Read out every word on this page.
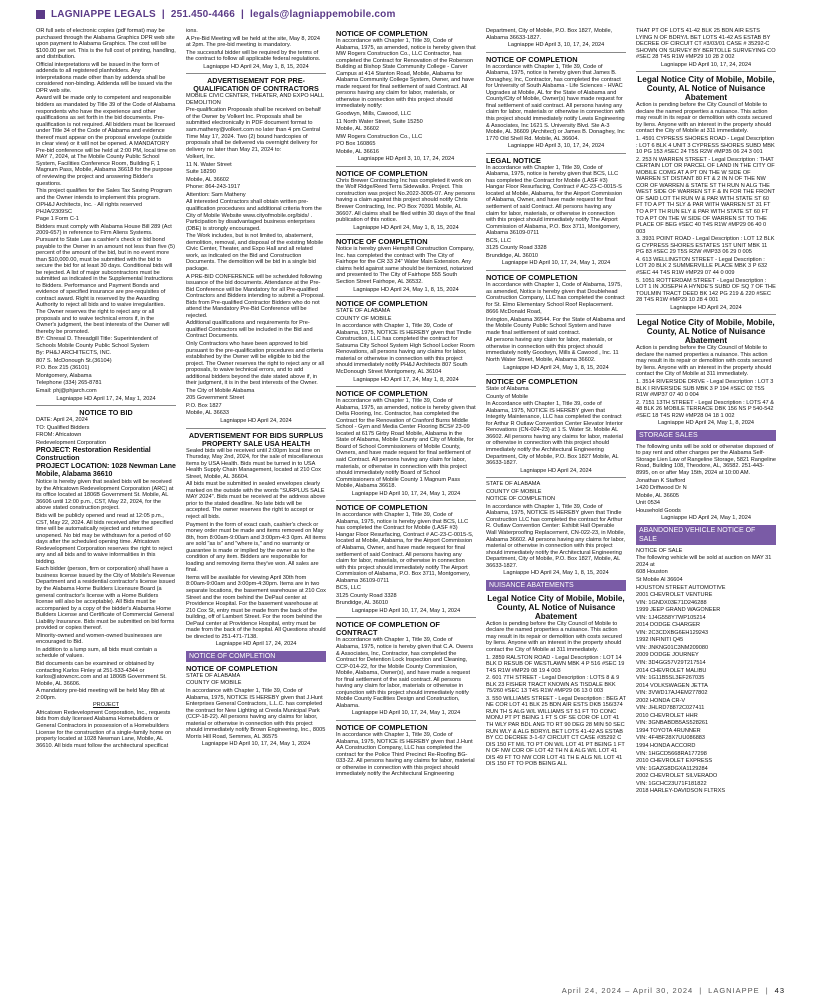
LAGNIAPPE LEGALS | 251.450-4466 | legals@lagniappemobile.com

OR full sets of electronic copies (pdf format) may be purchased through the Alabama Graphics DPR web site upon payment to Alabama Graphics. The cost will be $100.00 per set. This is the full cost of printing, handling, and distribution.

Official interpretations will be issued in the form of addenda to all registered planholders. Any interpretations made other than by addenda shall be considered non-binding. Addenda will be issued via the DPR web site.

Award will be made only to competent and responsible bidders as mandated by Title 39 of the Code of Alabama respondents who have the experience and other qualifications as set forth in the bid documents. Pre-qualification is not required. All bidders must be licensed under Title 34 of the Code of Alabama and evidence thereof must appear on the proposal envelope (outside in clear view) or it will not be opened. A MANDATORY Pre-bid conference will be held at 2:00 PM, local time on MAY 7, 2024, at The Mobile County Public School System, Facilities Conference Room, Building F, 1 Magnum Pass, Mobile, Alabama 36618 for the purpose of reviewing the project and answering Bidder's questions.

This project qualifies for the Sales Tax Saving Program and the Owner intends to implement this program.

OPH&J Architects, Inc. · All rights reserved PHJA/2309SC

Page 1 Form C-1

Bidders must comply with Alabama House Bill 289 (Act 2009-657) in reference to Firm Aliens Systems. Pursuant to State Law a cashier's check or bid bond payable to the Owner in an amount not less than five (5) percent of the amount of the bid, but in no event more than $10,000.00, must be submitted with the bid to secure the bid for at least 30 days. Conditional bids will be rejected. A list of major subcontractors must be submitted as indicated in the Supplemental Instructions to Bidders. Performance and Payment Bonds and evidence of specified insurance are pre-requisites of contract award. Right is reserved by the Awarding Authority to reject all bids and to waive irregularities. The Owner reserves the right to reject any or all proposals and to waive technical errors if, in the Owner's judgment, the best interests of the Owner will thereby be promoted.

BY: Chresal D. Threadgill Title: Superintendent of Schools Mobile County Public School System

By: PH&J ARCHITECTS, INC.

807 S. McDonough St.(36104)

P.O. Box 215 (36101)

Montgomery, Alabama

Telephone (334) 265-8781

Email: phj@phjarch.com

Lagniappe HD April 17, 24, May 1, 2024

NOTICE TO BID

DATE: April 24, 2024

TO: Qualified Bidders

FROM: Africatown

Redevelopment Corporation

PROJECT: Restoration Residential Construction
PROJECT LOCATION: 1028 Newman Lane Mobile, Alabama 36610

Notice is hereby given that sealed bids will be received by the Africatown Redevelopment Corporation (ARC) at its office located at 1806B Government St. Mobile, AL 36606 until 12:00 p.m., CST, May 22, 2024, for the above stated construction project.

Bids will be publicly opened and read at 12:05 p.m., CST, May 22, 2024. All bids received after the specified time will be automatically rejected and returned unopened. No bid may be withdrawn for a period of 60 days after the scheduled opening time. Africatown Redevelopment Corporation reserves the right to reject any and all bids and to waive informalities in this bidding.

Each bidder (person, firm or corporation) shall have a business license issued by the City of Mobile's Revenue Department and a residential contractor's license issued by the Alabama Home Builders Licensure Board (a general contractor's license with a Home Builders license will also be acceptable). All Bids must be accompanied by a copy of the bidder's Alabama Home Builders License and Certificate of Commercial General Liability Insurance. Bids must be submitted on bid forms provided or copies thereof.

Minority-owned and women-owned businesses are encouraged to Bid.

In addition to a lump sum, all bids must contain a schedule of values.

Bid documents can be examined or obtained by contacting Karlos Finley at 251-533-4344 or karlos@atowncrc.com and at 1806B Government St. Mobile, AL 36606.

A mandatory pre-bid meeting will be held May 8th at 2:00pm.

PROJECT

Africatown Redevelopment Corporation, Inc., requests bids from duly licensed Alabama Homebuilders or General Contractors in possession of a Homebuilders License for the construction of a single-family home on property located at 1028 Newman Lane, Mobile, AL 36610. All bids must follow the architectural specificat

ions.

A Pre-Bid Meeting will be held at the site, May 8, 2024 at 2pm. The pre-bid meeting is mandatory.

The successful bidder will be required by the terms of the contract to follow all applicable federal regulations.

Lagniappe HD April 24, May 1, 8, 15, 2024

ADVERTISEMENT FOR PRE-QUALIFICATION OF CONTRACTORS

MOBILE CIVIC CENTER, THEATER, AND EXPO HALL DEMOLITION

Pre-qualification Proposals shall be received on behalf of the Owner by Volkert Inc. Proposals shall be submitted electronically in PDF document format to sam.matheny@volkert.com no later than 4 pm Central Time May 17, 2024. Two (2) bound hardcopies of proposals shall be delivered via overnight delivery for delivery no later than May 21, 2024 to:

Volkert, Inc.

11 N. Water Street

Suite 18290

Mobile, AL 36602

Phone: 864-243-1917

Attention: Sam Matheny

All interested Contractors shall obtain written pre-qualification procedures and additional criteria from the City of Mobile Website www.cityofmobile.org/bids/ . Participation by disadvantaged business enterprises (DBE) is strongly encouraged.

The Work includes, but is not limited to, abatement, demolition, removal, and disposal of the existing Mobile Civic Center, Theater, and Expo Hall and all related work, as indicated on the Bid and Construction Documents. The demolition will be bid in a single bid package.

A PRE-BID CONFERENCE will be scheduled following issuance of the bid documents. Attendance at the Pre-Bid Conference will be Mandatory for all Pre-qualified Contractors and Bidders intending to submit a Proposal. Bids from Pre-qualified Contractor Bidders who do not attend the Mandatory Pre-Bid Conference will be rejected.

Additional qualifications and requirements for Pre-qualified Contractors will be included in the Bid and Contract Documents.

Only Contractors who have been approved to bid pursuant to the pre-qualification procedures and criteria established by the Owner will be eligible to bid the project. The Owner reserves the right to reject any or all proposals, to waive technical errors, and to add additional bidders beyond the date stated above if, in their judgment, it is in the best interests of the Owner.

The City of Mobile Alabama

205 Government Street

P.O. Box 1827

Mobile, AL 36633

Lagniappe HD April 24, 2024

ADVERTISEMENT FOR BIDS SURPLUS PROPERTY SALE USA HEALTH

Sealed bids will be received until 2:00pm local time on Thursday, May 2nd, 2024, for the sale of miscellaneous items by USA Health. Bids must be turned in to USA Health Supply Chain Management, located at 210 Cox Street, Mobile, AL 36604.

All bids must be submitted in sealed envelopes clearly marked on the outside with the words "SURPLUS SALE MAY 2024". Bids must be received at the address above prior to the stated deadline. No late bids will be accepted. The owner reserves the right to accept or reject all bids.

Payment in the form of exact cash, cashier's check or money order must be made and items removed on May 8th, from 8:00am-9:00am and 3:00pm-4:3 0pm. All items are sold "as is" and "where is," and no warranty or guarantee is made or implied by the owner as to the condition of any item. Bidders are responsible for loading and removing items they've won. All sales are final.

Items will be available for viewing April 30th from 8:00am-9:00am and 3:00pm-4:30pm. Items are in two separate locations, the basement warehouse at 210 Cox Street and the room behind the DePaul center at Providence Hospital. For the basement warehouse at 210 Cox St, entry must be made from the back of the building, off of Lambert Street. For the room behind the DePaul center at Providence Hospital, entry must be made from the back of the hospital. All Questions should be directed to 251-471-7138.

Lagniappe HD April 17, 24, 2024

NOTICE OF COMPLETION
NOTICE OF COMPLETION

STATE OF ALABAMA

COUNTY OF MOBILE

In accordance with Chapter 1, Title 39, Code of Alabama, 1975, NOTICE IS HEREBY given that J.Hunt Enterprises General Contractors, L.L.C. has completed the contract for New Lighting at Creola Municipal Park (CCP-18-22). All persons having any claims for labor, material or otherwise in connection with this project should immediately notify Brown Engineering, Inc., 8005 Morris Hill Road, Semmes, AL 36575

Lagniappe HD April 10, 17, 24, May 1, 2024

NOTICE OF COMPLETION

In accordance with Chapter 1, Title 39, Code of Alabama, 1975, as amended, notice is hereby given that MW Rogers Construction Co., LLC Contractor, has completed the Contract for Renovation of the Roberson Building at Bishop State Community College - Carver Campus at 414 Stanton Road, Mobile, Alabama for Alabama Community College System, Owner, and have made request for final settlement of said Contract. All persons having any claim for labor, materials, or otherwise in connection with this project should immediately notify:

Goodwyn, Mills, Cawood, LLC

11 North Water Street, Suite 15250

Mobile, AL 36602

MW Rogers Construction Co., LLC

PO Box 160865

Mobile, AL 36616

Lagniappe HD April 3, 10, 17, 24, 2024

NOTICE OF COMPLETION

Chris Brewer Contracting Inc has completed it work on the Wolf Ridge/Reed Terra Sidewalks. Project. This construction was project No.2022-3005-07. Any persons having a claim against this project should notify Chris Brewer Contracting, Inc. PO Box 70391 Mobile, AL 36607. All claims shall be filed within 30 days of the final publication of this notice.

Lagniappe HD April 24, May 1, 8, 15, 2024

NOTICE OF COMPLETION

Notice is hereby given Hemphill Construction Company, Inc. has completed the contract with The City of Fairhope for the CR 33 24" Water Main Extension. Any claims held against same should be itemized, notarized and presented to The City of Fairhope 555 South Section Street Fairhope, AL 36532.

Lagniappe HD April 24, May 1, 8, 15, 2024

NOTICE OF COMPLETION

STATE OF ALABAMA

COUNTY OF MOBILE

In accordance with Chapter 1, Title 39, Code of Alabama, 1975, NOTICE IS HEREBY given that Tindle Construction, LLC has completed the contract for Satsuma City School System High School Locker Room Renovations, all persons having any claims for labor, material or otherwise in connection with this project should immediately notify PH&J Architects 807 South McDonough Street Montgomery, AL 36104

Lagniappe HD April 17, 24, May 1, 8, 2024

NOTICE OF COMPLETION

In accordance with Chapter 1, Title 39, Code of Alabama, 1975, as amended, notice is hereby given that Delta Flooring, Inc. Contractor, has completed the Contract for the Renovation of Cranford Burns Middle School - Gym and Media Center Flooring BCS# 23-09 located at 6175 Girby Road Mobile, Alabama in the State of Alabama, Mobile County and City of Mobile, for Board of School Commissioners of Mobile County, Owners, and have made request for final settlement of said Contract. All persons having any claim for labor, materials, or otherwise in connection with this project should immediately notify Board of School Commissioners of Mobile County 1 Magnum Pass Mobile, Alabama 36618.

Lagniappe HD April 10, 17, 24, May 1, 2024

NOTICE OF COMPLETION

In accordance with Chapter 1, Title 39, Code of Alabama, 1975, notice is hereby given that BCS, LLC has completed the Contract for Mobile (LASF #3) Hangar Floor Resurfacing, Contract # AC-23-C-0015-S, located at Mobile, Alabama, for the Airport Commission of Alabama, Owner, and have made request for final settlement of said Contract. All persons having any claim for labor, materials, or otherwise in connection with this project should immediately notify The Airport Commission of Alabama, P.O. Box 3711, Montgomery, Alabama 36109-0711

BCS, LLC

3125 County Road 3328

Brundidge, AL 36010

Lagniappe HD April 10, 17, 24, May 1, 2024

NOTICE OF COMPLETION OF CONTRACT

In accordance with Chapter 1, Title 39, Code of Alabama, 1975, notice is hereby given that C.A. Owens & Associates, Inc, Contractor, has completed the Contract for Detention Lock Inspection and Cleaning, CCP-014-22, for the Mobile County Commission, Mobile, Alabama, Owner(s), and have made a request for final settlement of the said contract. All persons having any claim for labor, materials or otherwise in conjunction with this project should immediately notify Mobile County Facilities Design and Construction, Alabama.

Lagniappe HD April 10, 17, 24, May 1, 2024

NOTICE OF COMPLETION

In accordance with Chapter 1, Title 39, Code of Alabama, 1975, NOTICE IS HEREBY given that J.Hunt AA Construction Company, LLC has completed the contract for the Police Third Precinct Re-Roofing BG-033-22. All persons having any claims for labor, material or otherwise in connection with this project should immediately notify the Architectural Engineering

Department, City of Mobile, P.O. Box 1827, Mobile, Alabama 36633-1827.

Lagniappe HD April 3, 10, 17, 24, 2024

NOTICE OF COMPLETION

In accordance with Chapter 1, Title 39, Code of Alabama, 1975, notice is hereby given that James B. Donaghey, Inc, Contractor, has completed the contract for University of South Alabama - Life Sciences - HVAC Upgrades at Mobile, AL for the State of Alabama and County/City of Mobile, Owner(s) have made request for final settlement of said contract. All persons having any claim for labor, materials or otherwise in connection with this project should immediately notify Lewis Engineering & Associates, Inc 1621 S. University Blvd. Ste A-3 Mobile, AL 36609 (Architect) or James B. Donaghey, Inc 1770 Old Shell Rd. Mobile, AL 36604.

Lagniappe HD April 3, 10, 17, 24, 2024

LEGAL NOTICE

In accordance with Chapter 1, Title 39, Code of Alabama, 1975, notice is hereby given that BCS, LLC has completed the Contract for Mobile (LASF #3) Hangar Floor Resurfacing, Contract # AC-23-C-0015-S located at Mobile, Alabama, for the Airport Commission of Alabama, Owner, and have made request for final settlement of said Contract. All persons having any claim for labor, materials, or otherwise in connection with this project should immediately notify The Airport Commission of Alabama, P.O. Box 3711, Montgomery, Alabama 36109-0711

BCS, LLC

3125 County Road 3328

Brundidge, AL 36010

Lagniappe HD April 10, 17, 24, May 1, 2024

NOTICE OF COMPLETION

In accordance with Chapter 1, Code of Alabama, 1975, as amended, Notice is hereby given that Doublehead Construction Company, LLC has completed the contract for St. Elmo Elementary School Roof Replacement.

8666 McDonald Road,

Irvington, Alabama 36544. For the State of Alabama and the Mobile County Public School System and have made final settlement of said contract.

All persons having any claim for labor, materials, or otherwise in connection with this project should immediately notify Goodwyn, Mills & Cawood , Inc. 11 North Water Street, Mobile, Alabama 36602.

Lagniappe HD April 24, May 1, 8, 15, 2024

NOTICE OF COMPLETION

State of Alabama

County of Mobile

In Accordance with Chapter 1, Title 39, code of Alabama, 1975, NOTICE IS HEREBY given that Integrity Maintenance, LLC has completed the contract for Arthur R Outlaw Convention Center Elevator Interior Renovations (CN-024-23) at 1 S. Water St. Mobile AL 36602. All persons having any claims for labor, material or otherwise in connection with this project should immediately notify the Architectural Engineering Department, City of Mobile, P.O. Box 1827 Mobile, AL 36633-1827.

Lagniappe HD April 24, 2024

STATE OF ALABAMA

COUNTY OF MOBILE

NOTICE OF COMPLETION

In accordance with Chapter 1, Title 39, Code of Alabama, 1975, NOTICE IS HEREBY given that Tindle Construction LLC has completed the contract for Arthur R. Outlaw Convention Center: Exhibit Hall Operable Wall Waterproofing Replacement, CN-022-23, in Mobile, Alabama 36602. All persons having any claims for labor, material or otherwise in connection with this project should immediately notify the Architectural Engineering Department, City of Mobile, P.O. Box 1827, Mobile, AL 36633-1827.

Lagniappe HD April 24, May 1, 8, 15, 2024

NUISANCE ABATEMENTS
Legal Notice City of Mobile, Mobile, County, AL Notice of Nuisance Abatement

Action is pending before the City Council of Mobile to declare the named properties a nuisance. This action may result in its repair or demolition with costs secured by liens. Anyone with an interest in the property should contact the City of Mobile at 311 immediately.

1. 2859 RALSTON ROAD - Legal Description : LOT 14 BLK D RESUB OF WESTLAWN MBK 4 P 516 #SEC 19 T4S R1W #MP29 08 19 4 003

2. 601 7TH STREET - Legal Description : LOTS 8 & 9 BLK 23 FISHER TRACT KNOWN AS TISDALE BKK 75/260 #SEC 13 T4S R1W #MP29 06 13 0 003

3. 550 WILLIAMS STREET - Legal Description : BEG AT NE COR LOT 41 BLK 25 BDN AIR ESTS DKB 156/374 RUN TH S ALG W/L WILLIAMS ST 51 FT TO CONC MONU PT PT BEING 1 FT S OF SE COR OF LOT 41 TH WLY PAR BDL ANG TO RT 90 DEG 28 MIN 50 SEC RUN WLY & ALG BDRY/L BET LOTS 41-42 AS ESTAB BY CC DECREE 3-1-67 CIRCUIT CT CASE #35292 C DIS 150 FT M/L TO PT ON W/L LOT 41 PT BEING 1 FT N OF NW COR OF LOT 42 TH N & ALG W/L LOT 41 DIS 49 FT TO NW COR LOT 41 TH E ALG N/L LOT 41 DIS 150 FT TO POB BEING ALL

THAT PT OF LOTS 41-42 BLK 25 BDN AIR ESTS LYING N OF BDRY/L BET LOTS 41-42 AS ESTAB BY DECREE OF CIRCUIT CT #3/03/01 CASE # 35292-C SHOWN ON SURVEY BY BERTOLLE SURVEYING CO #SEC 28 T4S R1W #MP29 10 28 2 002

Lagniappe HD April 10, 17, 24, 2024

Legal Notice City of Mobile, Mobile, County, AL Notice of Nuisance Abatement

Action is pending before the City Council of Mobile to declare the named properties a nuisance. This action may result in its repair or demolition with costs secured by liens. Anyone with an interest in the property should contact the City of Mobile at 311 immediately.

1. 4591 CYPRESS SHORES ROAD - Legal Description : LOT 6 BLK 4 UNIT 3 CYPRESS SHORES SUBD MBK 10 PG 153 #SEC 24 T5S R2W #MP35 06 24 3 001

2. 253 N WARREN STREET - Legal Description : THAT CERTAIN LOT OR PARCEL OF LAND IN THE CITY OF MOBILE COMG AT A PT ON THE W SIDE OF WARREN ST DISTANT 80 FT & 2 IN N OF THE NW COR OF WARREN & STATE ST TH RUN N ALG THE WEST SIDE OF WARREN ST F & IN FOR THE FRONT OF SAID LOT TH RUN W & PAR WITH STATE ST 60 FT TO A PT TH SLY & PAR WITH WARREN ST 31 FT TO A PT TH RUN ELY & PAR WITH STATE ST 60 FT TO A PT ON THE W SIDE OF WARREN ST TO THE PLACE OF BEG #SEC 40 T4S R1W #MP29 06 40 0 003

3. 3931 POINT ROAD - Legal Description : LOT 12 BLK G CYPRESS SHORES ESTATES 1ST UNIT MBK 11 PG 83 #SEC 29 T5S R2W #MP33 06 29 0 005

4. 613 WELLINGTON STREET - Legal Description : LOT 20 BLK 2 SUMMERVILLE PLACE MBK 3 P 632 #SEC 44 T4S R1W #MP29 07 44 0 009

5. 1051 ROTTERDAM STREET - Legal Description : LOT 1 IN JOSEPH A HYNDE'S SUBD OF SQ 7 OF THE TOULMIN TRACT DEED BK 142 PG 219 & 220 #SEC 28 T4S R1W #MP29 10 28 4 001

Lagniappe HD April 24, 2024

Legal Notice City of Mobile, Mobile, County, AL Notice of Nuisance Abatement

Action is pending before the City Council of Mobile to declare the named properties a nuisance. This action may result in its repair or demolition with costs secured by liens. Anyone with an interest in the property should contact the City of Mobile at 311 immediately.

1. 3514 RIVERSIDE DRIVE - Legal Description : LOT 3 BLK I RIVERSIDE SUB MBK 3 P 194 #SEC 02 T5S R1W #MP37 07 40 0 004

2. 7151 13TH STREET - Legal Description : LOTS 47 & 48 BLK 26 MOBILE TERRACE DBK 156 NS P 540-542 #SEC 18 T4S R2W #MP28 04 18 1 002

Lagniappe HD April 24, May 1, 8, 2024

STORAGE SALES

The following units will be sold or otherwise disposed of to pay rent and other charges per the Alabama Self-Storage Lien Law of Rangeline Storage, 5821 Rangeline Road, Building 108, Theodore, AL, 36582. 251-443-8995, on or after May 15th, 2024 at 10:00 AM.

Jonathan K Stafford

1420 Driftwood Dr N

Mobile, AL 36605

Unit 0534

Household Goods

Lagniappe HD April 24, May 1, 2024

ABANDONED VEHICLE NOTICE OF SALE

NOTICE OF SALE

The following vehicle will be sold at auction on MAY 31 2024 at

608 Houston

St Mobile Al 36604

HOUSTON STREET AUTOMOTIVE

2001 CHEVROLET VENTURE

VIN: 1GNDX03E71D246288

1999 JEEP GRAND WAGONEER

VIN: 1J4G558Y7WP105214

2014 DODGE CHARGER

VIN: 2C3CDXBG6EH129243

1992 INFINITI Q45

VIN: JNKNG01C3NM209080

2009 DODGE JOURNEY

VIN: 3D4GG57V29T217514

2014 CHEVROLET MALIBU

VIN: 1G11B5SL3EF267035

2014 VOLKSWAGEN JETTA

VIN: 3VWD17AJ4EM277802

2002 HONDA CR-V

VIN: JHLRD78872C027411

2010 CHEVROLET HHR

VIN: 3GNBABDB5AS528261

1994 TOYOTA 4RUNNER

VIN: 4F4BF28X7UU086883

1994 HONDA ACCORD

VIN: 1HGCD5668RA177298

2010 CHEVROLET EXPRESS

VIN: 1GAZG8DGXA1129284

2002 CHEVROLET SILVERADO

VIN: 1GCHC23U71F181822

2018 HARLEY-DAVIDSON FLTRXS

April 24, 2024 – April 30, 2024 | LAGNIAPPE | 43
